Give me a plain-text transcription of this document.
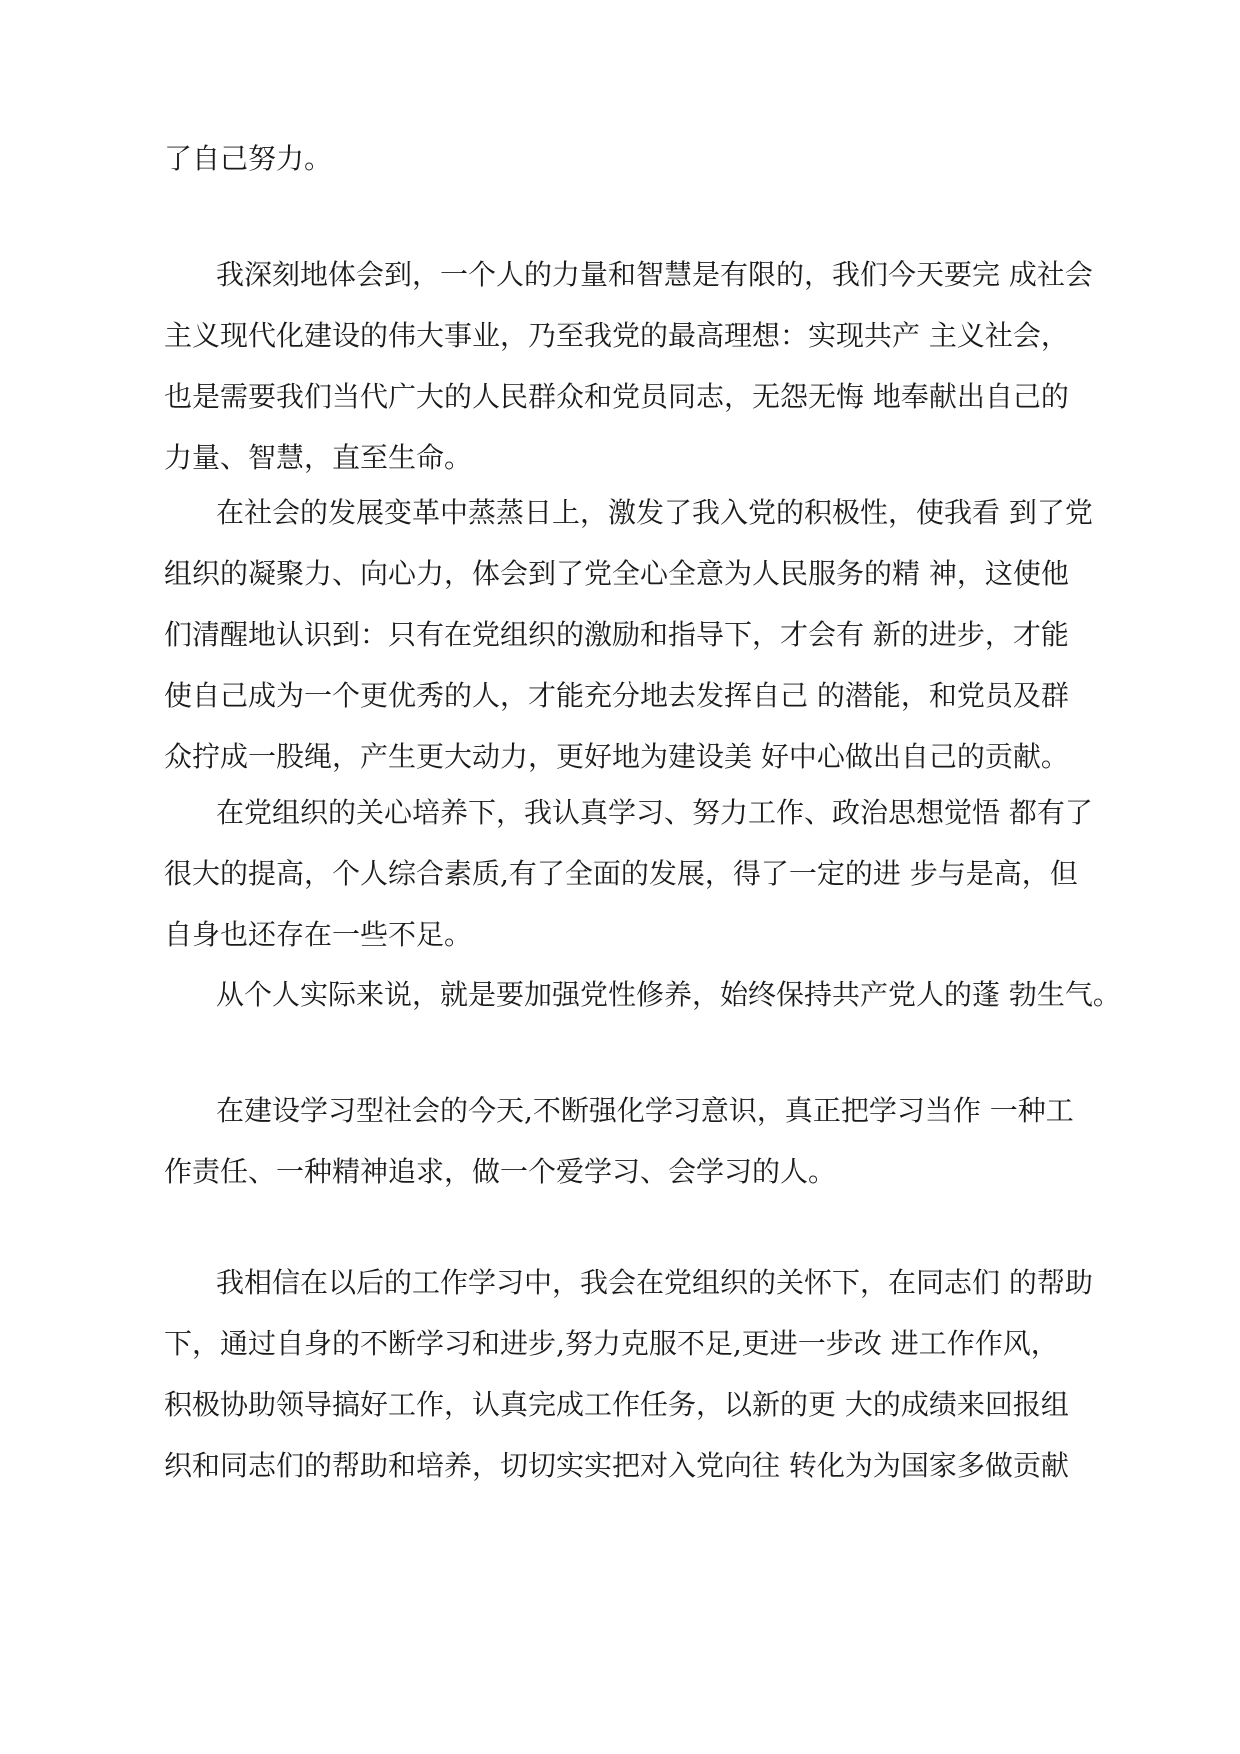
了自己努力。
我深刻地体会到，一个人的力量和智慧是有限的，我们今天要完 成社会
主义现代化建设的伟大事业，乃至我党的最高理想：实现共产 主义社会，
也是需要我们当代广大的人民群众和党员同志，无怨无悔 地奉献出自己的
力量、智慧，直至生命。
在社会的发展变革中蒸蒸日上，激发了我入党的积极性，使我看 到了党
组织的凝聚力、向心力，体会到了党全心全意为人民服务的精 神，这使他
们清醒地认识到：只有在党组织的激励和指导下，才会有 新的进步，才能
使自己成为一个更优秀的人，才能充分地去发挥自己 的潜能，和党员及群
众拧成一股绳，产生更大动力，更好地为建设美 好中心做出自己的贡献。
在党组织的关心培养下，我认真学习、努力工作、政治思想觉悟 都有了
很大的提高，个人综合素质,有了全面的发展，得了一定的进 步与是高，但
自身也还存在一些不足。
从个人实际来说，就是要加强党性修养，始终保持共产党人的蓬 勃生气。
在建设学习型社会的今天,不断强化学习意识，真正把学习当作 一种工
作责任、一种精神追求，做一个爱学习、会学习的人。
我相信在以后的工作学习中，我会在党组织的关怀下，在同志们 的帮助
下，通过自身的不断学习和进步,努力克服不足,更进一步改 进工作作风，
积极协助领导搞好工作，认真完成工作任务，以新的更 大的成绩来回报组
织和同志们的帮助和培养，切切实实把对入党向往 转化为为国家多做贡献
